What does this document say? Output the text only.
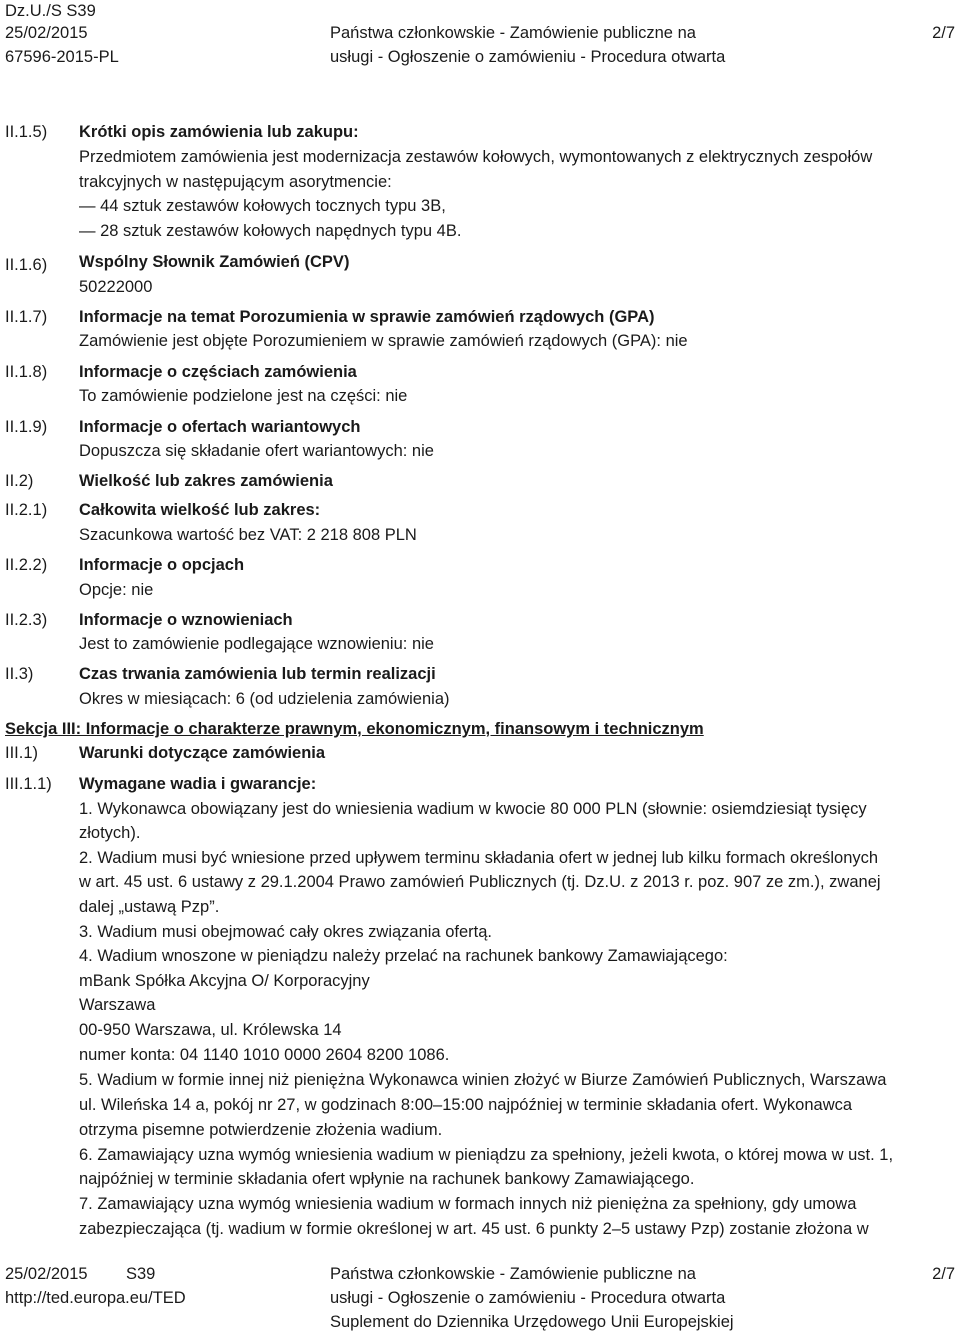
Dz.U./S S39
25/02/2015
67596-2015-PL
Państwa członkowskie - Zamówienie publiczne na
usługi - Ogłoszenie o zamówieniu - Procedura otwarta
2/7
II.1.5)
II.1.6)
II.1.7)
II.1.8)
II.1.9)
II.2)
II.2.1)
II.2.2)
II.2.3)
II.3)
Krótki opis zamówienia lub zakupu:
Przedmiotem zamówienia jest modernizacja zestawów kołowych, wymontowanych z elektrycznych zespołów
trakcyjnych w następującym asorytmencie:
— 44 sztuk zestawów kołowych tocznych typu 3B,
— 28 sztuk zestawów kołowych napędnych typu 4B.
Wspólny Słownik Zamówień (CPV)
50222000
Informacje na temat Porozumienia w sprawie zamówień rządowych (GPA)
Zamówienie jest objęte Porozumieniem w sprawie zamówień rządowych (GPA): nie
Informacje o częściach zamówienia
To zamówienie podzielone jest na części: nie
Informacje o ofertach wariantowych
Dopuszcza się składanie ofert wariantowych: nie
Wielkość lub zakres zamówienia
Całkowita wielkość lub zakres:
Szacunkowa wartość bez VAT: 2 218 808 PLN
Informacje o opcjach
Opcje: nie
Informacje o wznowieniach
Jest to zamówienie podlegające wznowieniu: nie
Czas trwania zamówienia lub termin realizacji
Okres w miesiącach: 6 (od udzielenia zamówienia)
Sekcja III: Informacje o charakterze prawnym, ekonomicznym, finansowym i technicznym
III.1) Warunki dotyczące zamówienia
III.1.1) Wymagane wadia i gwarancje:
1. Wykonawca obowiązany jest do wniesienia wadium w kwocie 80 000 PLN (słownie: osiemdziesiąt tysięcy
złotych).
2. Wadium musi być wniesione przed upływem terminu składania ofert w jednej lub kilku formach określonych
w art. 45 ust. 6 ustawy z 29.1.2004 Prawo zamówień Publicznych (tj. Dz.U. z 2013 r. poz. 907 ze zm.), zwanej
dalej „ustawą Pzp”.
3. Wadium musi obejmować cały okres związania ofertą.
4. Wadium wnoszone w pieniądzu należy przelać na rachunek bankowy Zamawiającego:
mBank Spółka Akcyjna O/ Korporacyjny
Warszawa
00-950 Warszawa, ul. Królewska 14
numer konta: 04 1140 1010 0000 2604 8200 1086.
5. Wadium w formie innej niż pieniężna Wykonawca winien złożyć w Biurze Zamówień Publicznych, Warszawa
ul. Wileńska 14 a, pokój nr 27, w godzinach 8:00–15:00 najpóźniej w terminie składania ofert. Wykonawca
otrzyma pisemne potwierdzenie złożenia wadium.
6. Zamawiający uzna wymóg wniesienia wadium w pieniądzu za spełniony, jeżeli kwota, o której mowa w ust. 1,
najpóźniej w terminie składania ofert wpłynie na rachunek bankowy Zamawiającego.
7. Zamawiający uzna wymóg wniesienia wadium w formach innych niż pieniężna za spełniony, gdy umowa
zabezpieczająca (tj. wadium w formie określonej w art. 45 ust. 6 punkty 2–5 ustawy Pzp) zostanie złożona w
25/02/2015 S39
http://ted.europa.eu/TED
Państwa członkowskie - Zamówienie publiczne na
usługi - Ogłoszenie o zamówieniu - Procedura otwarta
Suplement do Dziennika Urzędowego Unii Europejskiej
2/7
